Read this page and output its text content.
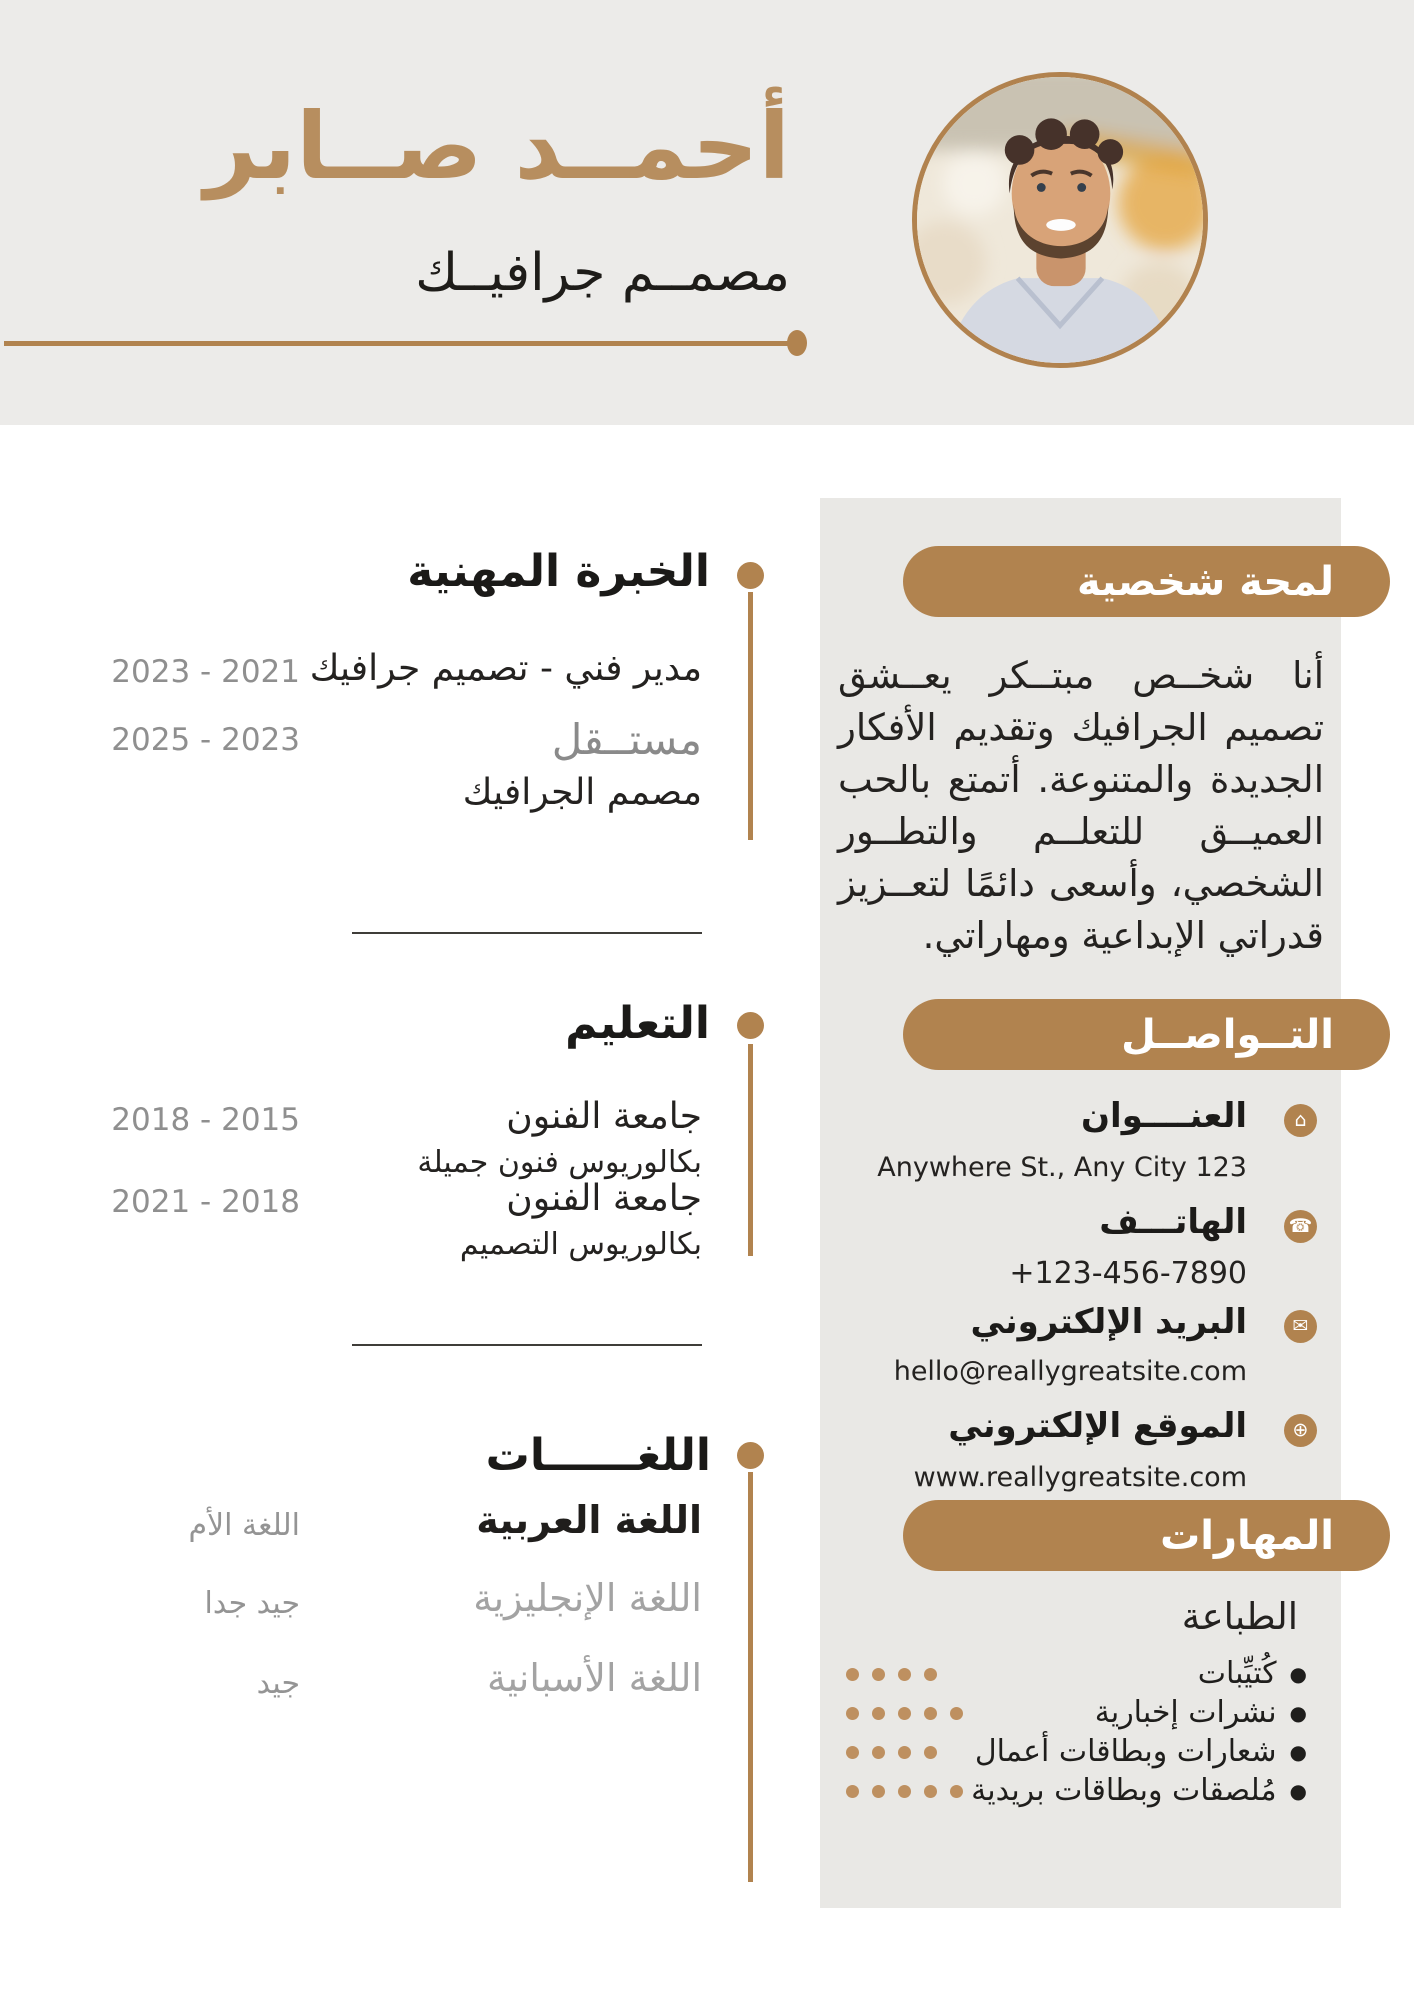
أحمــد صــابر
مصمــم جرافيــك
الخبرة المهنية
مدير فني - تصميم جرافيك
2021 - 2023
مستــقل
مصمم الجرافيك
2023 - 2025
التعليم
جامعة الفنون
بكالوريوس فنون جميلة
2015 - 2018
جامعة الفنون
بكالوريوس التصميم
2018 - 2021
اللغــــــات
اللغة العربية
اللغة الأم
اللغة الإنجليزية
جيد جدا
اللغة الأسبانية
جيد
لمحة شخصية
أنا شخــص مبتــكر يعــشق تصميم الجرافيك وتقديم الأفكار الجديدة والمتنوعة. أتمتع بالحب العميــق للتعلــم والتطــور الشخصي، وأسعى دائمًا لتعــزيز قدراتي الإبداعية ومهاراتي.
التــواصــل
⌂
العنــــوان
Anywhere St., Any City 123
☎
الهاتـــف
+123-456-7890
✉
البريد الإلكتروني
hello@reallygreatsite.com
⊕
الموقع الإلكتروني
www.reallygreatsite.com
المهارات
الطباعة
●
كُتيِّبات
●
نشرات إخبارية
●
شعارات وبطاقات أعمال
●
مُلصقات وبطاقات بريدية
